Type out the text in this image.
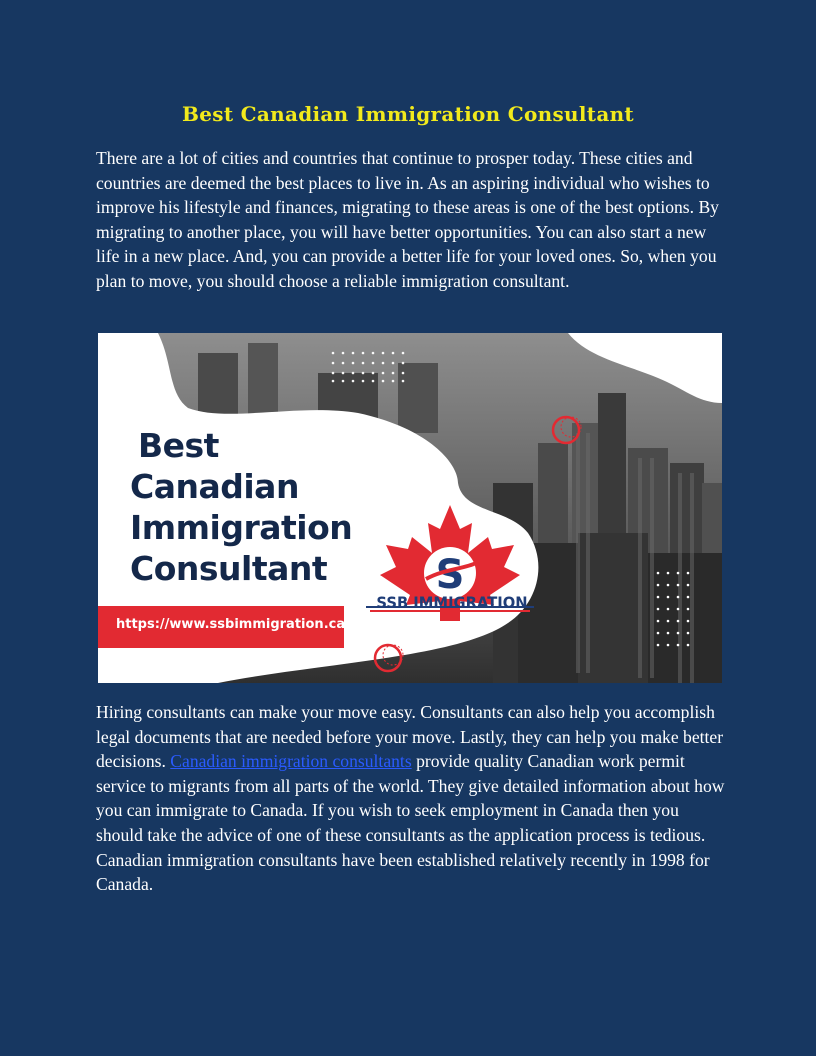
Best Canadian Immigration Consultant

There are a lot of cities and countries that continue to prosper today. These cities and countries are deemed the best places to live in. As an aspiring individual who wishes to improve his lifestyle and finances, migrating to these areas is one of the best options. By migrating to another place, you will have better opportunities. You can also start a new life in a new place. And, you can provide a better life for your loved ones. So, when you plan to move, you should choose a reliable immigration consultant.

Best
Canadian
Immigration
Consultant
https://www.ssbimmigration.ca/
S
SSB IMMIGRATION

Hiring consultants can make your move easy. Consultants can also help you accomplish legal documents that are needed before your move. Lastly, they can help you make better decisions. Canadian immigration consultants provide quality Canadian work permit service to migrants from all parts of the world. They give detailed information about how you can immigrate to Canada. If you wish to seek employment in Canada then you should take the advice of one of these consultants as the application process is tedious. Canadian immigration consultants have been established relatively recently in 1998 for Canada.
